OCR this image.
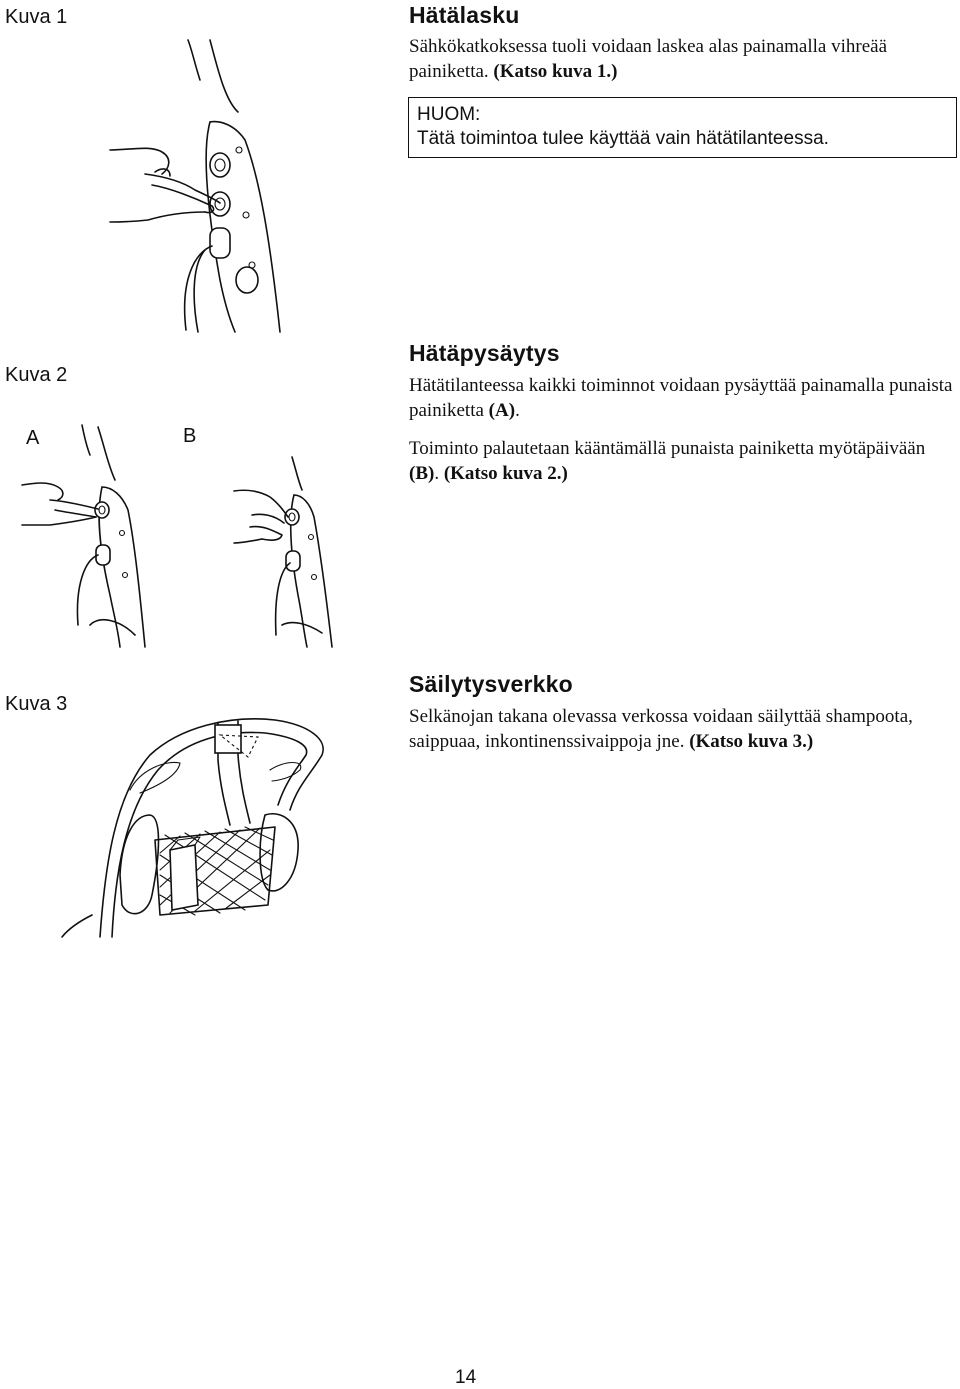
Kuva 1	Hätälasku
Sähkökatkoksessa tuoli voidaan laskea alas painamalla vihreää painiketta. (Katso kuva 1.)
HUOM:
Tätä toimintoa tulee käyttää vain hätätilanteessa.
Kuva 2
A	B
Hätäpysäytys
Hätätilanteessa kaikki toiminnot voidaan pysäyttää painamalla punaista painiketta (A).
Toiminto palautetaan kääntämällä punaista painiketta myötäpäivään (B). (Katso kuva 2.)
Kuva 3
Säilytysverkko
Selkänojan takana olevassa verkossa voidaan säilyttää shampoota, saippuaa, inkontinenssivaippoja jne. (Katso kuva 3.)
14
